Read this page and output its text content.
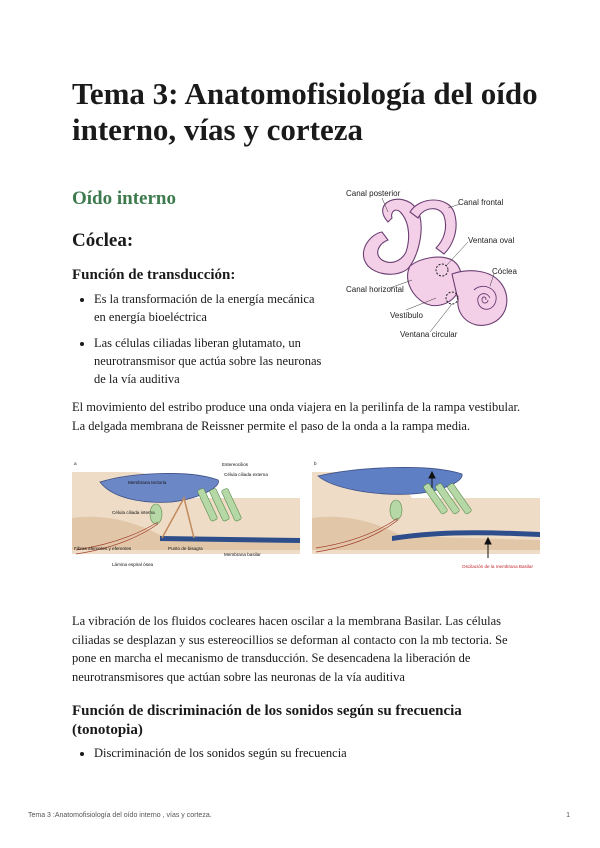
Tema 3: Anatomofisiología del oído interno, vías y corteza
Oído interno
Cóclea:
Función de transducción:
• Es la transformación de la energía mecánica en energía bioeléctrica
• Las células ciliadas liberan glutamato, un neurotransmisor que actúa sobre las neuronas de la vía auditiva
Canal posterior
Canal frontal
Ventana oval
Cóclea
Canal horizontal
Vestíbulo
Ventana circular

El movimiento del estribo produce una onda viajera en la perilinfa de la rampa vestibular. La delgada membrana de Reissner permite el paso de la onda a la rampa media.

a	Estereocilios
Membrana tectoria
Célula ciliada externa
Célula ciliada interna
Fibras aferentes y eferentes	Punto de bisagra
Membrana basilar
Lámina espiral ósea
b
Oscilación de la membrana Basilar

La vibración de los fluidos cocleares hacen oscilar a la membrana Basilar. Las células ciliadas se desplazan y sus estereocillios se deforman al contacto con la mb tectoria. Se pone en marcha el mecanismo de transducción. Se desencadena la liberación de neurotransmisores que actúan sobre las neuronas de la vía auditiva

Función de discriminación de los sonidos según su frecuencia (tonotopia)
• Discriminación de los sonidos según su frecuencia
Tema 3 :Anatomofisiología del oído interno , vías y corteza.	1
